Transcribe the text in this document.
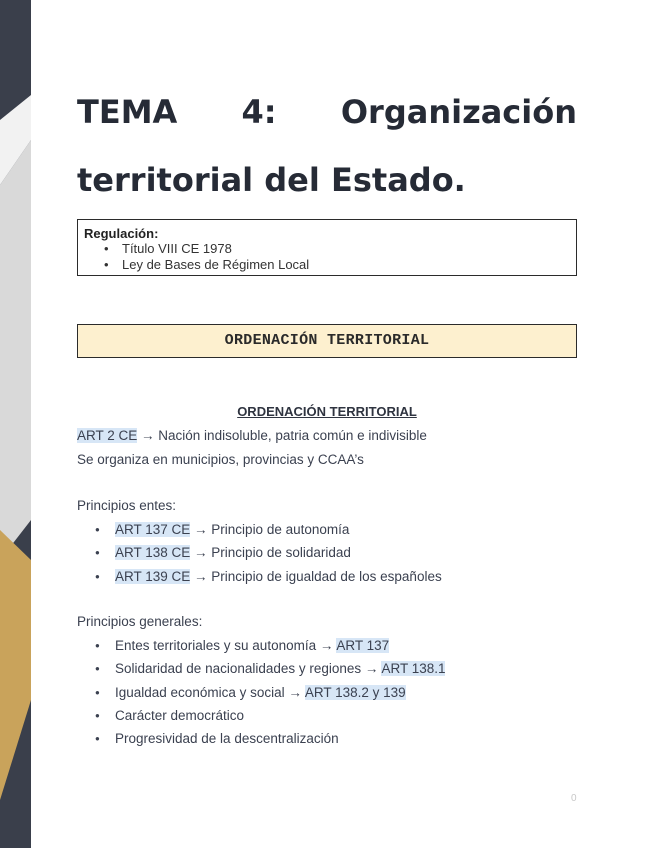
TEMA 4: Organización
territorial del Estado.
Regulación:
• Título VIII CE 1978
• Ley de Bases de Régimen Local
ORDENACIÓN TERRITORIAL
ORDENACIÓN TERRITORIAL
ART 2 CE → Nación indisoluble, patria común e indivisible
Se organiza en municipios, provincias y CCAA’s
Principios entes:
● ART 137 CE → Principio de autonomía
● ART 138 CE → Principio de solidaridad
● ART 139 CE → Principio de igualdad de los españoles
Principios generales:
● Entes territoriales y su autonomía → ART 137
● Solidaridad de nacionalidades y regiones → ART 138.1
● Igualdad económica y social → ART 138.2 y 139
● Carácter democrático
● Progresividad de la descentralización
0
